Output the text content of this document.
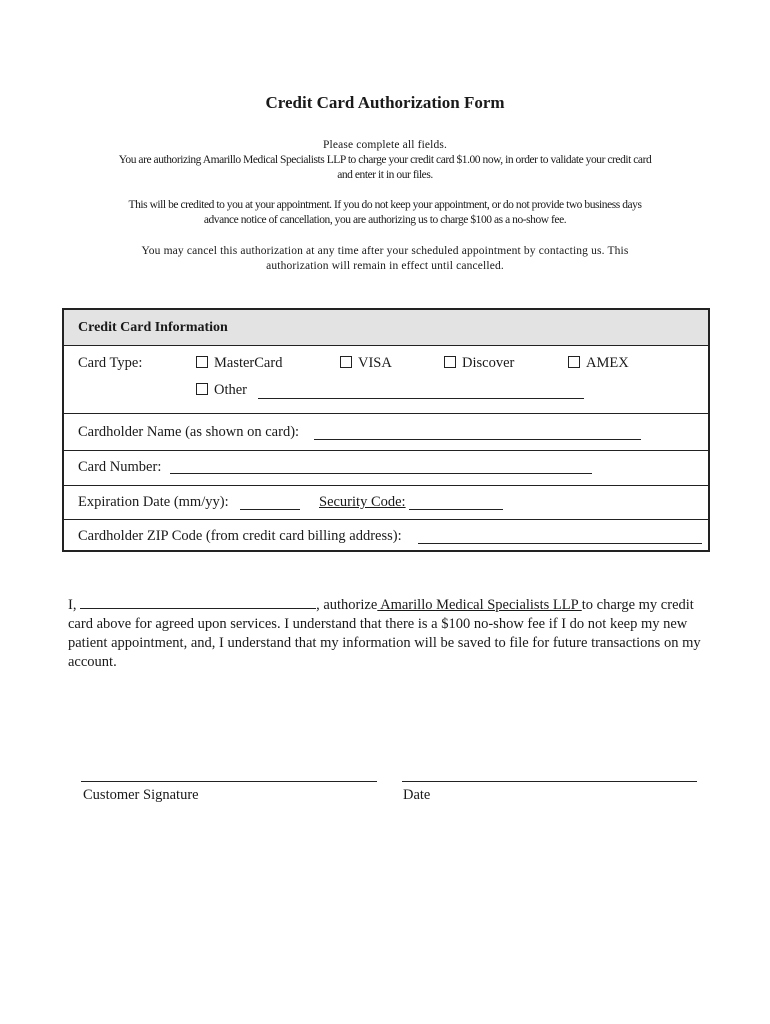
Credit Card Authorization Form
Please complete all fields.
You are authorizing Amarillo Medical Specialists LLP to charge your credit card $1.00 now, in order to validate your credit card
and enter it in our files.
This will be credited to you at your appointment. If you do not keep your appointment, or do not provide two business days
advance notice of cancellation, you are authorizing us to charge $100 as a no-show fee.
You may cancel this authorization at any time after your scheduled appointment by contacting us. This
authorization will remain in effect until cancelled.
Credit Card Information
Card Type:	MasterCard	VISA	Discover	AMEX
Other
Cardholder Name (as shown on card):
Card Number:
Expiration Date (mm/yy):	Security Code:
Cardholder ZIP Code (from credit card billing address):
I,	, authorize Amarillo Medical Specialists LLP to charge my credit card above for agreed upon services. I understand that there is a $100 no-show fee if I do not keep my new patient appointment, and, I understand that my information will be saved to file for future transactions on my account.
Customer Signature	Date
